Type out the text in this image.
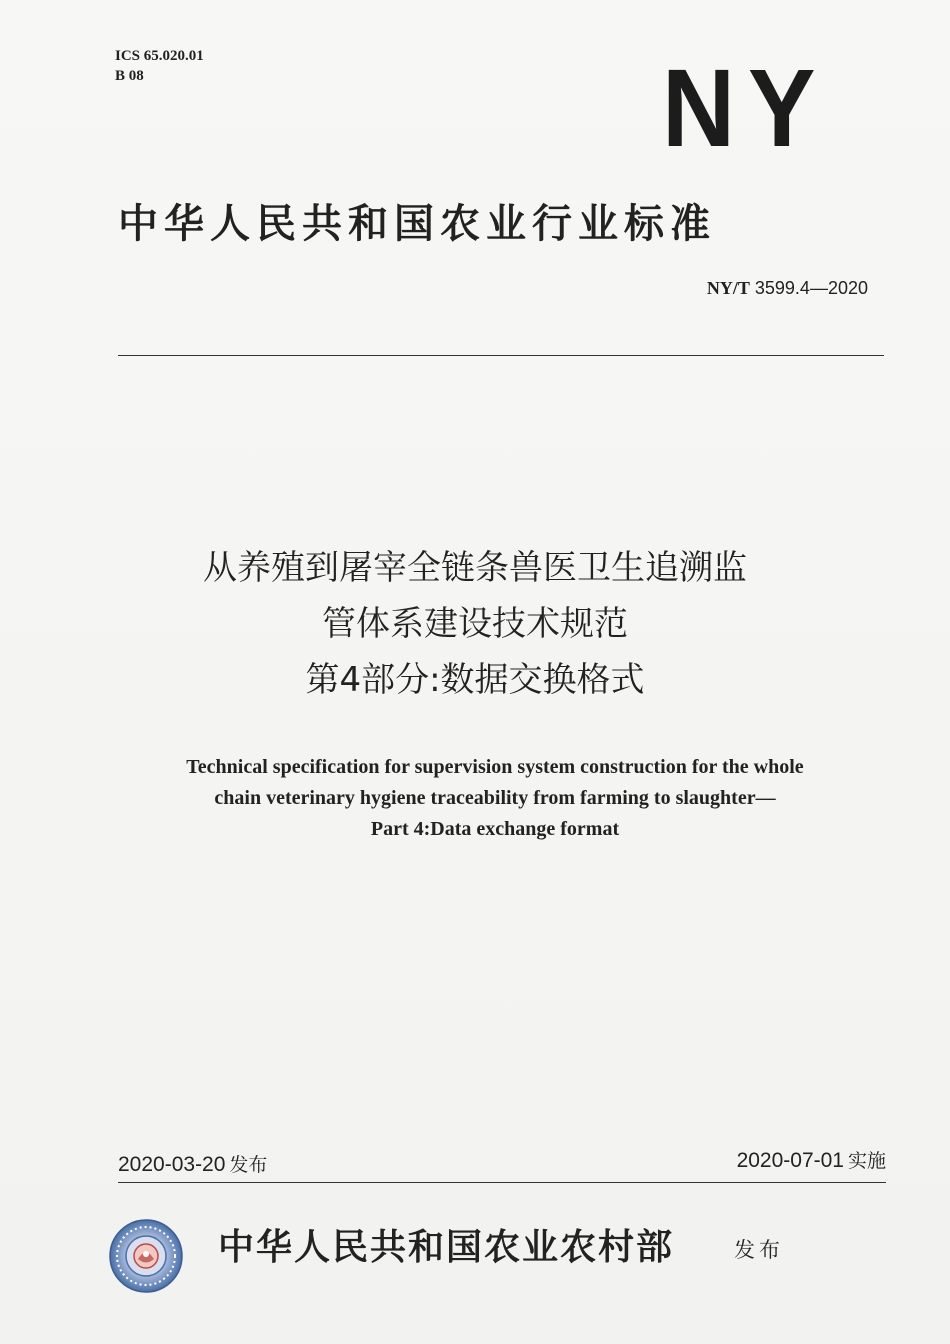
ICS 65.020.01
B 08	NY
中华人民共和国农业行业标准
NY/T 3599.4—2020
从养殖到屠宰全链条兽医卫生追溯监
管体系建设技术规范
第4部分:数据交换格式
Technical specification for supervision system construction for the whole
chain veterinary hygiene traceability from farming to slaughter—
Part 4:Data exchange format
2020-03-20 发布	2020-07-01 实施
中华人民共和国农业农村部	发布
